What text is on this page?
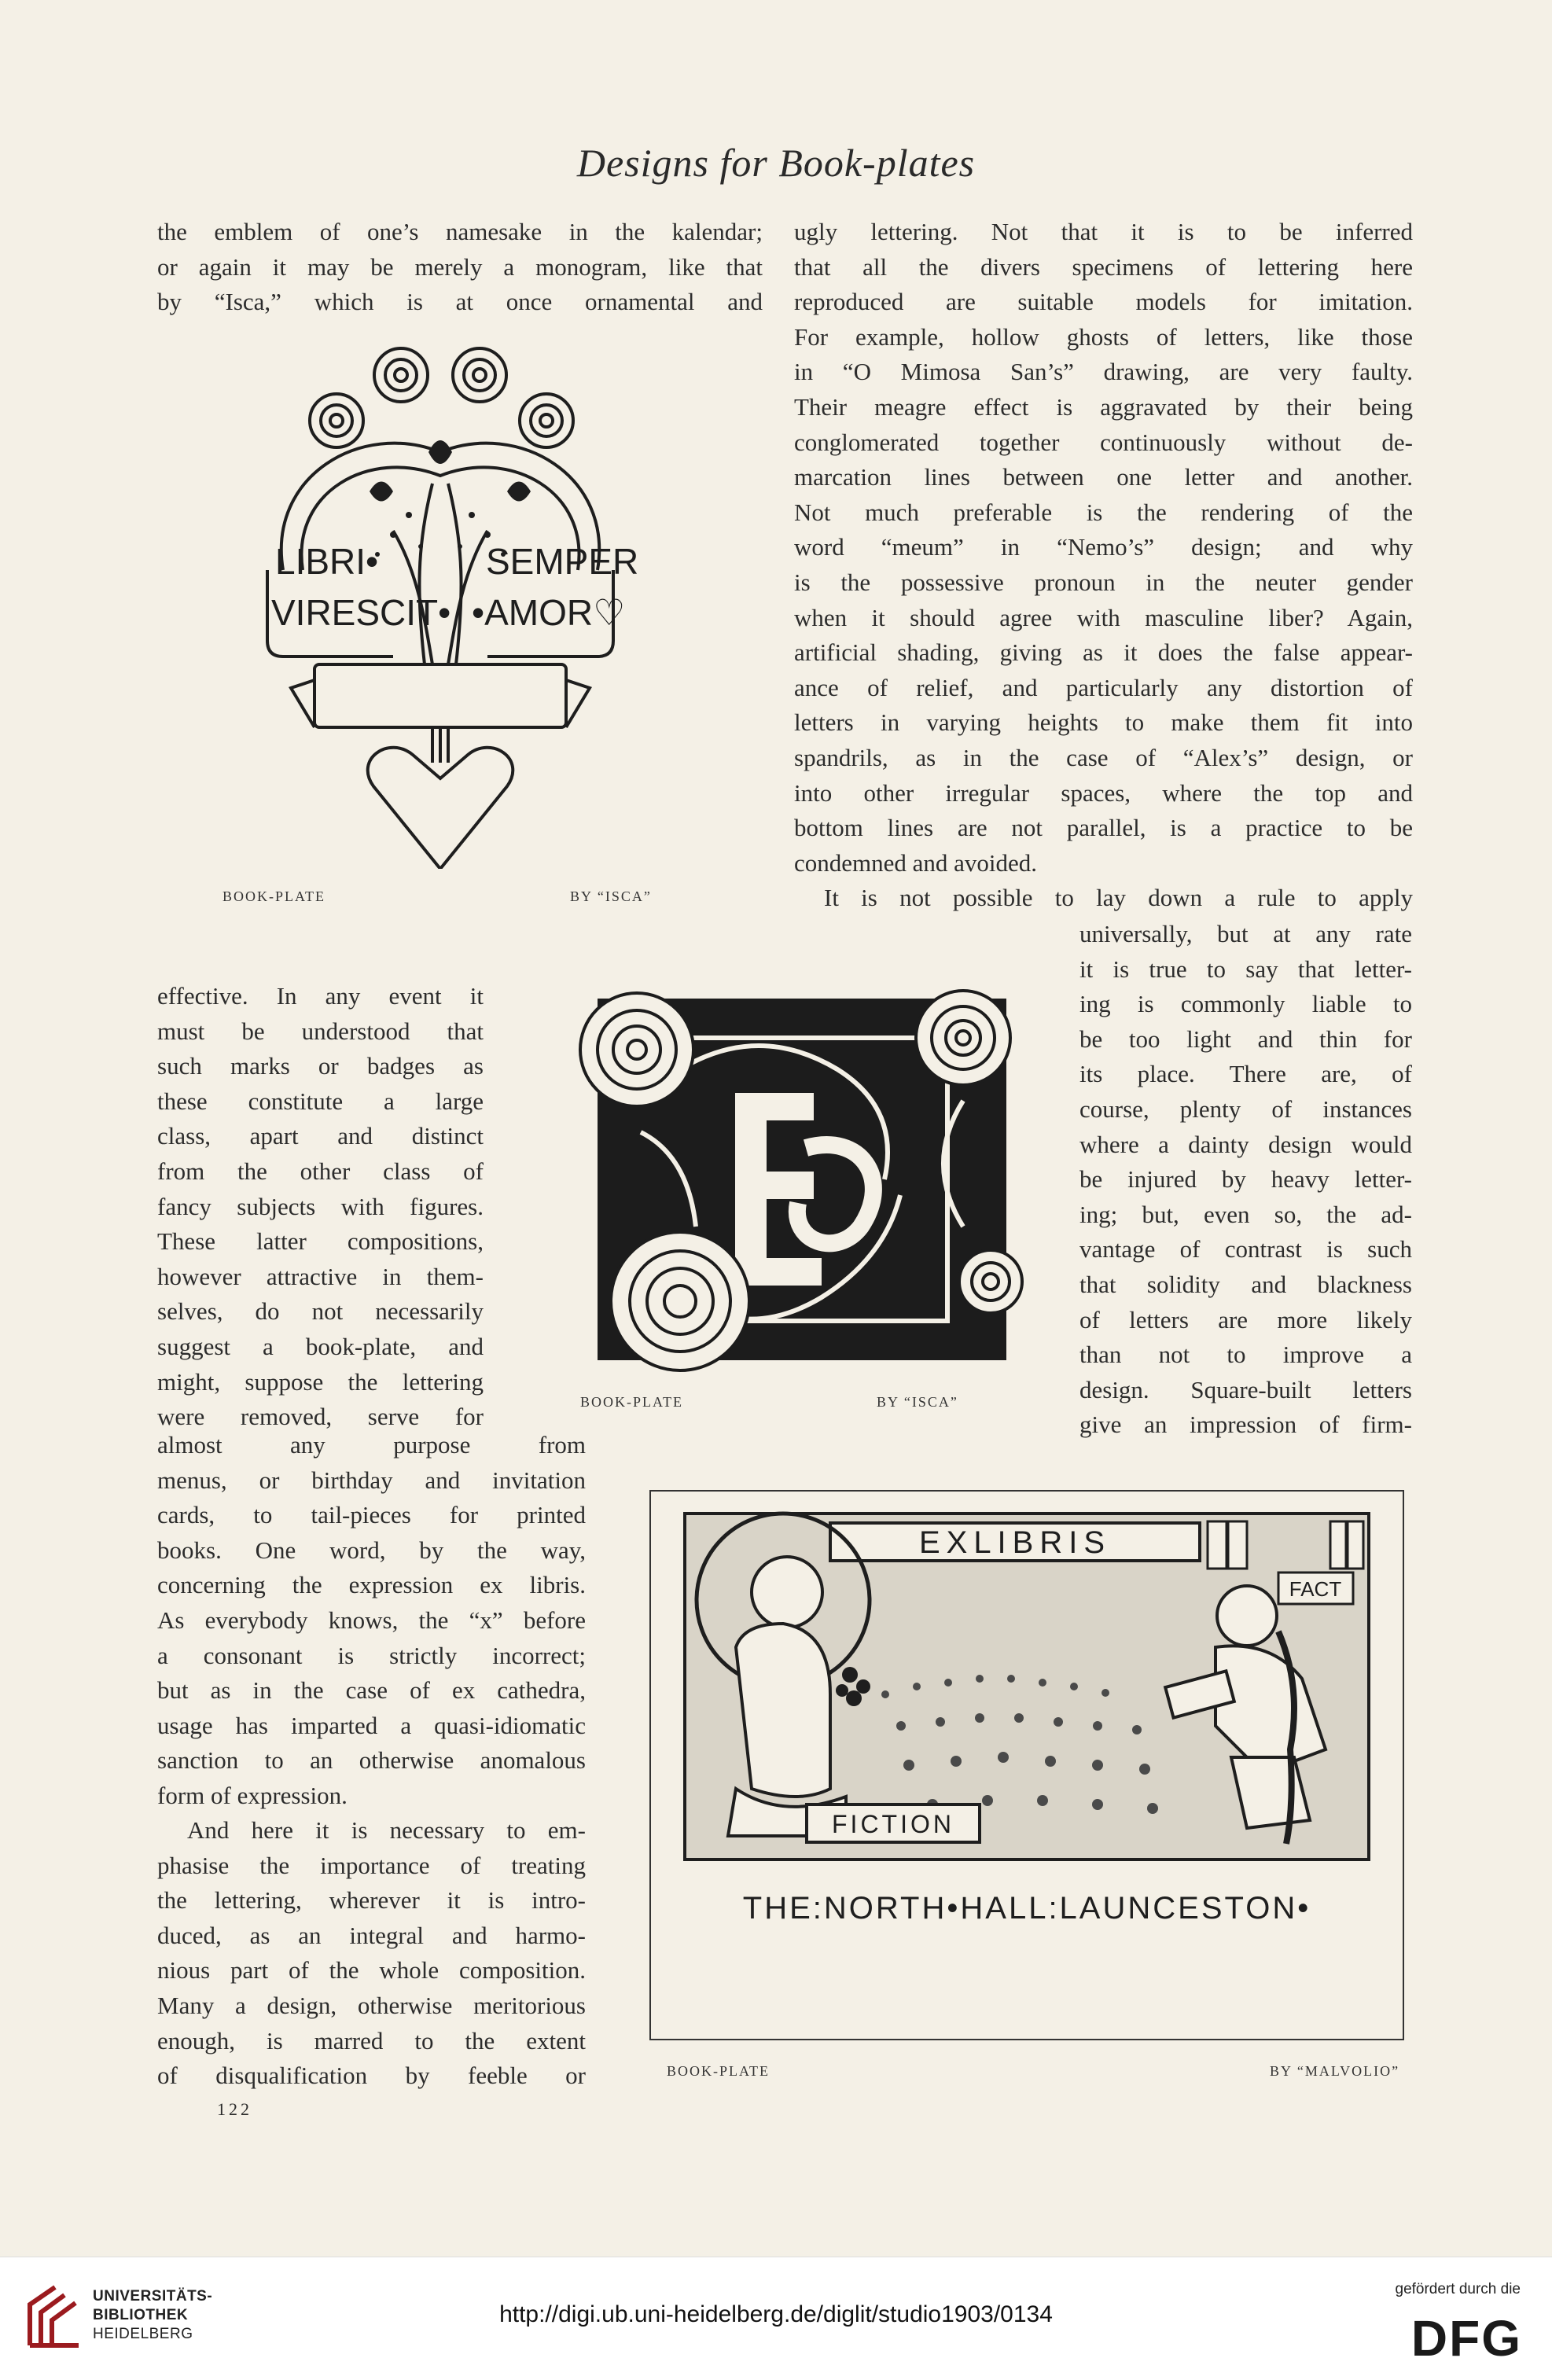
Designs for Book-plates
the emblem of one’s namesake in the kalendar;
or again it may be merely a monogram, like that
by “Isca,” which is at once ornamental and
LIBRI•	SEMPER
VIRESCIT• •AMOR♡
BOOK-PLATE	BY “ISCA”
ugly lettering. Not that it is to be inferred
that all the divers specimens of lettering here
reproduced are suitable models for imitation.
For example, hollow ghosts of letters, like those
in “O Mimosa San’s” drawing, are very faulty.
Their meagre effect is aggravated by their being
conglomerated together continuously without de-
marcation lines between one letter and another.
Not much preferable is the rendering of the
word “meum” in “Nemo’s” design; and why
is the possessive pronoun in the neuter gender
when it should agree with masculine liber? Again,
artificial shading, giving as it does the false appear-
ance of relief, and particularly any distortion of
letters in varying heights to make them fit into
spandrils, as in the case of “Alex’s” design, or
into other irregular spaces, where the top and
bottom lines are not parallel, is a practice to be
condemned and avoided.
It is not possible to lay down a rule to apply
universally, but at any rate
it is true to say that letter-
ing is commonly liable to
be too light and thin for
its place. There are, of
course, plenty of instances
where a dainty design would
be injured by heavy letter-
ing; but, even so, the ad-
vantage of contrast is such
that solidity and blackness
of letters are more likely
than not to improve a
design. Square-built letters
give an impression of firm-
effective. In any event it
must be understood that
such marks or badges as
these constitute a large
class, apart and distinct
from the other class of
fancy subjects with figures.
These latter compositions,
however attractive in them-
selves, do not necessarily
suggest a book-plate, and
might, suppose the lettering
were removed, serve for
BOOK-PLATE	BY “ISCA”
almost any purpose from
menus, or birthday and invitation
cards, to tail-pieces for printed
books. One word, by the way,
concerning the expression ex libris.
As everybody knows, the “x” before
a consonant is strictly incorrect;
but as in the case of ex cathedra,
usage has imparted a quasi-idiomatic
sanction to an otherwise anomalous
form of expression.
EXLIBRIS
FACT
FICTION
THE:NORTH•HALL:LAUNCESTON•
BOOK-PLATE	BY “MALVOLIO”
And here it is necessary to em-
phasise the importance of treating
the lettering, wherever it is intro-
duced, as an integral and harmo-
nious part of the whole composition.
Many a design, otherwise meritorious
enough, is marred to the extent
of disqualification by feeble or
122
UNIVERSITÄTS-
BIBLIOTHEK
HEIDELBERG
http://digi.ub.uni-heidelberg.de/diglit/studio1903/0134
gefördert durch die
DFG
